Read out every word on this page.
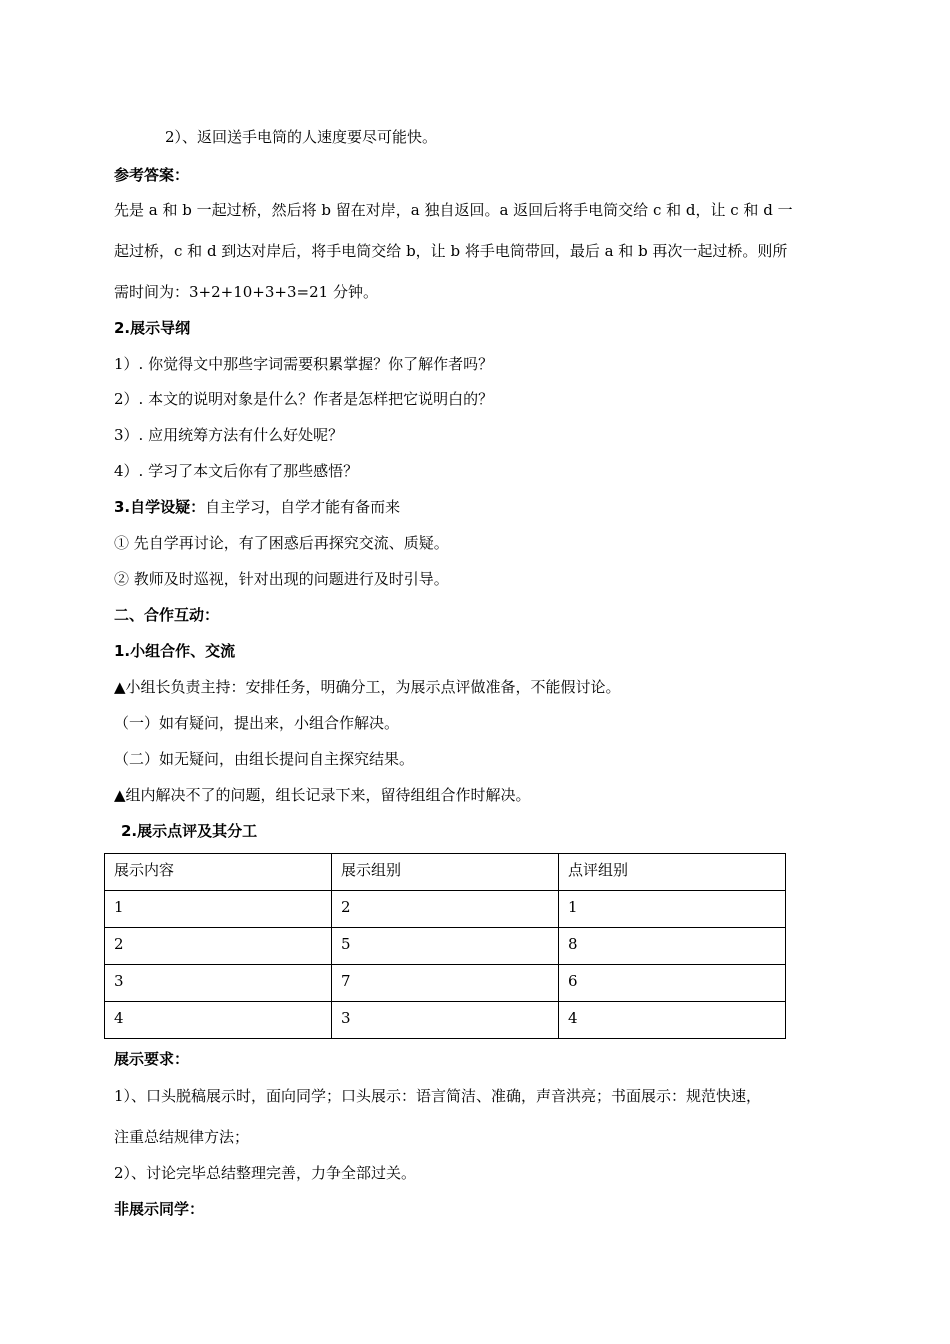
2）、返回送手电筒的人速度要尽可能快。
参考答案：
先是 a 和 b 一起过桥，然后将 b 留在对岸，a 独自返回。a 返回后将手电筒交给 c 和 d，让 c 和 d 一
起过桥，c 和 d 到达对岸后，将手电筒交给 b，让 b 将手电筒带回，最后 a 和 b 再次一起过桥。则所
需时间为：3+2+10+3+3=21 分钟。
2.展示导纲
1）. 你觉得文中那些字词需要积累掌握？你了解作者吗？
2）. 本文的说明对象是什么？作者是怎样把它说明白的？
3）. 应用统筹方法有什么好处呢？
4）. 学习了本文后你有了那些感悟？
3.自学设疑：自主学习，自学才能有备而来
① 先自学再讨论，有了困惑后再探究交流、质疑。
② 教师及时巡视，针对出现的问题进行及时引导。
二、合作互动：
1.小组合作、交流
▲小组长负责主持：安排任务，明确分工，为展示点评做准备，不能假讨论。
（一）如有疑问，提出来，小组合作解决。
（二）如无疑问，由组长提问自主探究结果。
▲组内解决不了的问题，组长记录下来，留待组组合作时解决。
2.展示点评及其分工
展示内容	展示组别	点评组别
1	2	1
2	5	8
3	7	6
4	3	4
展示要求：
1）、口头脱稿展示时，面向同学；口头展示：语言简洁、准确，声音洪亮；书面展示：规范快速，
注重总结规律方法；
2）、讨论完毕总结整理完善，力争全部过关。
非展示同学：
